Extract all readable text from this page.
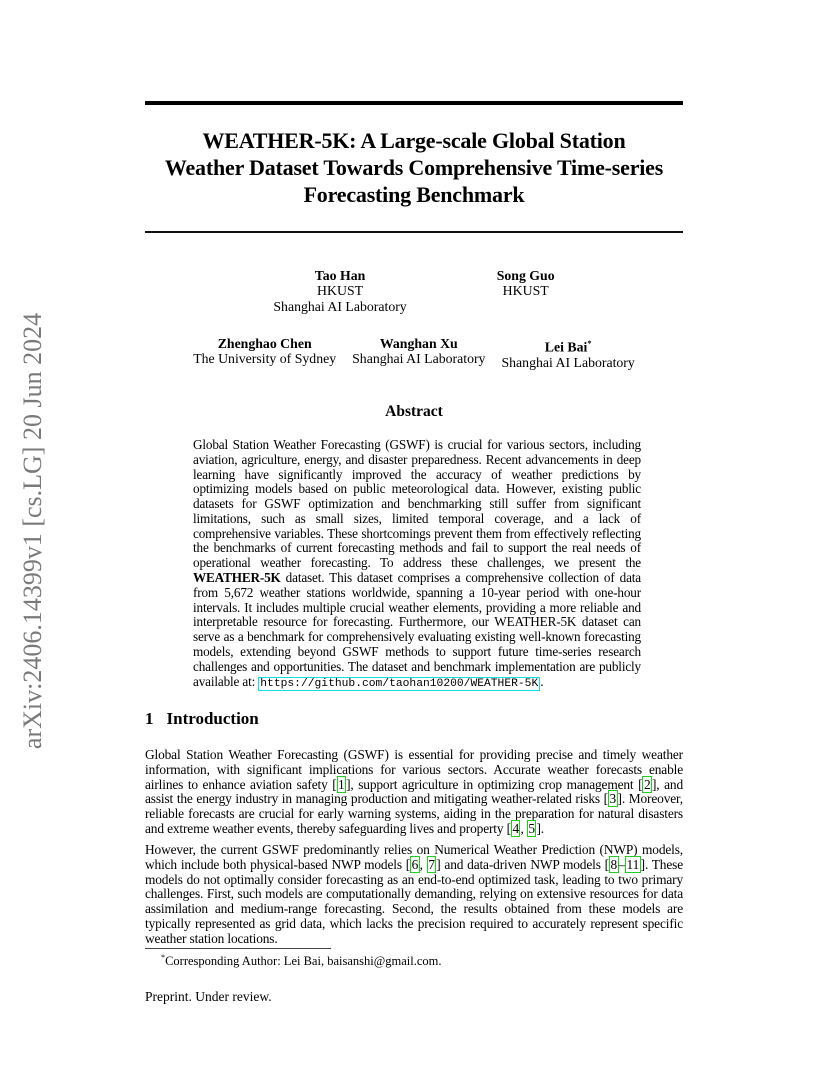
arXiv:2406.14399v1 [cs.LG] 20 Jun 2024
WEATHER-5K: A Large-scale Global Station
Weather Dataset Towards Comprehensive Time-series
Forecasting Benchmark
Tao Han
HKUST
Shanghai AI Laboratory
Song Guo
HKUST
Zhenghao Chen
The University of Sydney
Wanghan Xu
Shanghai AI Laboratory
Lei Bai*
Shanghai AI Laboratory
Abstract
Global Station Weather Forecasting (GSWF) is crucial for various sectors, including aviation, agriculture, energy, and disaster preparedness. Recent advancements in deep learning have significantly improved the accuracy of weather predictions by optimizing models based on public meteorological data. However, existing public datasets for GSWF optimization and benchmarking still suffer from significant limitations, such as small sizes, limited temporal coverage, and a lack of comprehensive variables. These shortcomings prevent them from effectively reflecting the benchmarks of current forecasting methods and fail to support the real needs of operational weather forecasting. To address these challenges, we present the WEATHER-5K dataset. This dataset comprises a comprehensive collection of data from 5,672 weather stations worldwide, spanning a 10-year period with one-hour intervals. It includes multiple crucial weather elements, providing a more reliable and interpretable resource for forecasting. Furthermore, our WEATHER-5K dataset can serve as a benchmark for comprehensively evaluating existing well-known forecasting models, extending beyond GSWF methods to support future time-series research challenges and opportunities. The dataset and benchmark implementation are publicly available at: https://github.com/taohan10200/WEATHER-5K .
1 Introduction
Global Station Weather Forecasting (GSWF) is essential for providing precise and timely weather information, with significant implications for various sectors. Accurate weather forecasts enable airlines to enhance aviation safety [ 1 ], support agriculture in optimizing crop management [ 2 ], and assist the energy industry in managing production and mitigating weather-related risks [ 3 ]. Moreover, reliable forecasts are crucial for early warning systems, aiding in the preparation for natural disasters and extreme weather events, thereby safeguarding lives and property [ 4 , 5 ].
However, the current GSWF predominantly relies on Numerical Weather Prediction (NWP) models, which include both physical-based NWP models [ 6 , 7 ] and data-driven NWP models [ 8 – 11 ]. These models do not optimally consider forecasting as an end-to-end optimized task, leading to two primary challenges. First, such models are computationally demanding, relying on extensive resources for data assimilation and medium-range forecasting. Second, the results obtained from these models are typically represented as grid data, which lacks the precision required to accurately represent specific weather station locations.
*Corresponding Author: Lei Bai, baisanshi@gmail.com.
Preprint. Under review.
